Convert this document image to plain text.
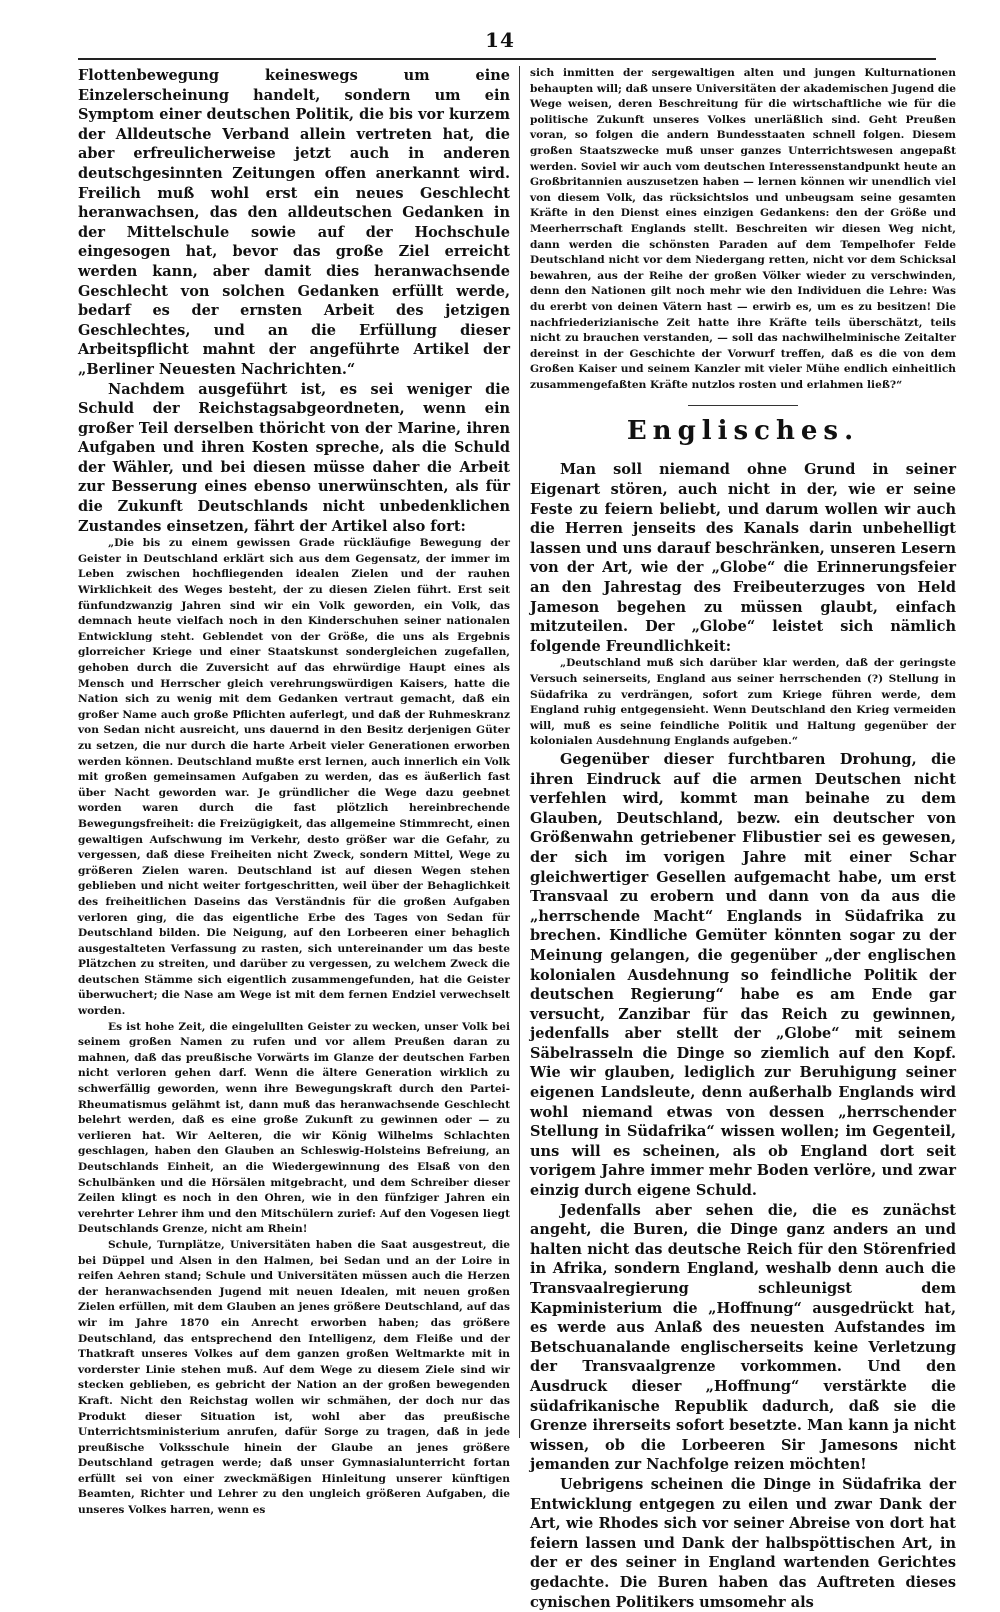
14

Flottenbewegung keineswegs um eine Einzelerscheinung handelt, sondern um ein Symptom einer deutschen Politik, die bis vor kurzem der Alldeutsche Verband allein vertreten hat, die aber erfreulicherweise jetzt auch in anderen deutschgesinnten Zeitungen offen anerkannt wird. Freilich muß wohl erst ein neues Geschlecht heranwachsen, das den alldeutschen Gedanken in der Mittelschule sowie auf der Hochschule eingesogen hat, bevor das große Ziel erreicht werden kann, aber damit dies heranwachsende Geschlecht von solchen Gedanken erfüllt werde, bedarf es der ernsten Arbeit des jetzigen Geschlechtes, und an die Erfüllung dieser Arbeitspflicht mahnt der angeführte Artikel der „Berliner Neuesten Nachrichten.“

Nachdem ausgeführt ist, es sei weniger die Schuld der Reichstagsabgeordneten, wenn ein großer Teil derselben thöricht von der Marine, ihren Aufgaben und ihren Kosten spreche, als die Schuld der Wähler, und bei diesen müsse daher die Arbeit zur Besserung eines ebenso unerwünschten, als für die Zukunft Deutschlands nicht unbedenklichen Zustandes einsetzen, fährt der Artikel also fort:

„Die bis zu einem gewissen Grade rückläufige Bewegung der Geister in Deutschland erklärt sich aus dem Gegensatz, der immer im Leben zwischen hochfliegenden idealen Zielen und der rauhen Wirklichkeit des Weges besteht, der zu diesen Zielen führt. Erst seit fünfundzwanzig Jahren sind wir ein Volk geworden, ein Volk, das demnach heute vielfach noch in den Kinderschuhen seiner nationalen Entwicklung steht. Geblendet von der Größe, die uns als Ergebnis glorreicher Kriege und einer Staatskunst sondergleichen zugefallen, gehoben durch die Zuversicht auf das ehrwürdige Haupt eines als Mensch und Herrscher gleich verehrungswürdigen Kaisers, hatte die Nation sich zu wenig mit dem Gedanken vertraut gemacht, daß ein großer Name auch große Pflichten auferlegt, und daß der Ruhmeskranz von Sedan nicht ausreicht, uns dauernd in den Besitz derjenigen Güter zu setzen, die nur durch die harte Arbeit vieler Generationen erworben werden können. Deutschland mußte erst lernen, auch innerlich ein Volk mit großen gemeinsamen Aufgaben zu werden, das es äußerlich fast über Nacht geworden war. Je gründlicher die Wege dazu geebnet worden waren durch die fast plötzlich hereinbrechende Bewegungsfreiheit: die Freizügigkeit, das allgemeine Stimmrecht, einen gewaltigen Aufschwung im Verkehr, desto größer war die Gefahr, zu vergessen, daß diese Freiheiten nicht Zweck, sondern Mittel, Wege zu größeren Zielen waren. Deutschland ist auf diesen Wegen stehen geblieben und nicht weiter fortgeschritten, weil über der Behaglichkeit des freiheitlichen Daseins das Verständnis für die großen Aufgaben verloren ging, die das eigentliche Erbe des Tages von Sedan für Deutschland bilden. Die Neigung, auf den Lorbeeren einer behaglich ausgestalteten Verfassung zu rasten, sich untereinander um das beste Plätzchen zu streiten, und darüber zu vergessen, zu welchem Zweck die deutschen Stämme sich eigentlich zusammengefunden, hat die Geister überwuchert; die Nase am Wege ist mit dem fernen Endziel verwechselt worden.

Es ist hohe Zeit, die eingelullten Geister zu wecken, unser Volk bei seinem großen Namen zu rufen und vor allem Preußen daran zu mahnen, daß das preußische Vorwärts im Glanze der deutschen Farben nicht verloren gehen darf. Wenn die ältere Generation wirklich zu schwerfällig geworden, wenn ihre Bewegungskraft durch den Partei-Rheumatismus gelähmt ist, dann muß das heranwachsende Geschlecht belehrt werden, daß es eine große Zukunft zu gewinnen oder — zu verlieren hat. Wir Aelteren, die wir König Wilhelms Schlachten geschlagen, haben den Glauben an Schleswig-Holsteins Befreiung, an Deutschlands Einheit, an die Wiedergewinnung des Elsaß von den Schulbänken und die Hörsälen mitgebracht, und dem Schreiber dieser Zeilen klingt es noch in den Ohren, wie in den fünfziger Jahren ein verehrter Lehrer ihm und den Mitschülern zurief: Auf den Vogesen liegt Deutschlands Grenze, nicht am Rhein!

Schule, Turnplätze, Universitäten haben die Saat ausgestreut, die bei Düppel und Alsen in den Halmen, bei Sedan und an der Loire in reifen Aehren stand; Schule und Universitäten müssen auch die Herzen der heranwachsenden Jugend mit neuen Idealen, mit neuen großen Zielen erfüllen, mit dem Glauben an jenes größere Deutschland, auf das wir im Jahre 1870 ein Anrecht erworben haben; das größere Deutschland, das entsprechend den Intelligenz, dem Fleiße und der Thatkraft unseres Volkes auf dem ganzen großen Weltmarkte mit in vorderster Linie stehen muß. Auf dem Wege zu diesem Ziele sind wir stecken geblieben, es gebricht der Nation an der großen bewegenden Kraft. Nicht den Reichstag wollen wir schmähen, der doch nur das Produkt dieser Situation ist, wohl aber das preußische Unterrichtsministerium anrufen, dafür Sorge zu tragen, daß in jede preußische Volksschule hinein der Glaube an jenes größere Deutschland getragen werde; daß unser Gymnasialunterricht fortan erfüllt sei von einer zweckmäßigen Hinleitung unserer künftigen Beamten, Richter und Lehrer zu den ungleich größeren Aufgaben, die unseres Volkes harren, wenn es

sich inmitten der sergewaltigen alten und jungen Kulturnationen behaupten will; daß unsere Universitäten der akademischen Jugend die Wege weisen, deren Beschreitung für die wirtschaftliche wie für die politische Zukunft unseres Volkes unerläßlich sind. Geht Preußen voran, so folgen die andern Bundesstaaten schnell folgen. Diesem großen Staatszwecke muß unser ganzes Unterrichtswesen angepaßt werden. Soviel wir auch vom deutschen Interessenstandpunkt heute an Großbritannien auszusetzen haben — lernen können wir unendlich viel von diesem Volk, das rücksichtslos und unbeugsam seine gesamten Kräfte in den Dienst eines einzigen Gedankens: den der Größe und Meerherrschaft Englands stellt. Beschreiten wir diesen Weg nicht, dann werden die schönsten Paraden auf dem Tempelhofer Felde Deutschland nicht vor dem Niedergang retten, nicht vor dem Schicksal bewahren, aus der Reihe der großen Völker wieder zu verschwinden, denn den Nationen gilt noch mehr wie den Individuen die Lehre: Was du ererbt von deinen Vätern hast — erwirb es, um es zu besitzen! Die nachfriederizianische Zeit hatte ihre Kräfte teils überschätzt, teils nicht zu brauchen verstanden, — soll das nachwilhelminische Zeitalter dereinst in der Geschichte der Vorwurf treffen, daß es die von dem Großen Kaiser und seinem Kanzler mit vieler Mühe endlich einheitlich zusammengefaßten Kräfte nutzlos rosten und erlahmen ließ?“

Englisches.

Man soll niemand ohne Grund in seiner Eigenart stören, auch nicht in der, wie er seine Feste zu feiern beliebt, und darum wollen wir auch die Herren jenseits des Kanals darin unbehelligt lassen und uns darauf beschränken, unseren Lesern von der Art, wie der „Globe“ die Erinnerungsfeier an den Jahrestag des Freibeuterzuges von Held Jameson begehen zu müssen glaubt, einfach mitzuteilen. Der „Globe“ leistet sich nämlich folgende Freundlichkeit:

„Deutschland muß sich darüber klar werden, daß der geringste Versuch seinerseits, England aus seiner herrschenden (?) Stellung in Südafrika zu verdrängen, sofort zum Kriege führen werde, dem England ruhig entgegensieht. Wenn Deutschland den Krieg vermeiden will, muß es seine feindliche Politik und Haltung gegenüber der kolonialen Ausdehnung Englands aufgeben.“

Gegenüber dieser furchtbaren Drohung, die ihren Eindruck auf die armen Deutschen nicht verfehlen wird, kommt man beinahe zu dem Glauben, Deutschland, bezw. ein deutscher von Größenwahn getriebener Flibustier sei es gewesen, der sich im vorigen Jahre mit einer Schar gleichwertiger Gesellen aufgemacht habe, um erst Transvaal zu erobern und dann von da aus die „herrschende Macht“ Englands in Südafrika zu brechen. Kindliche Gemüter könnten sogar zu der Meinung gelangen, die gegenüber „der englischen kolonialen Ausdehnung so feindliche Politik der deutschen Regierung“ habe es am Ende gar versucht, Zanzibar für das Reich zu gewinnen, jedenfalls aber stellt der „Globe“ mit seinem Säbelrasseln die Dinge so ziemlich auf den Kopf. Wie wir glauben, lediglich zur Beruhigung seiner eigenen Landsleute, denn außerhalb Englands wird wohl niemand etwas von dessen „herrschender Stellung in Südafrika“ wissen wollen; im Gegenteil, uns will es scheinen, als ob England dort seit vorigem Jahre immer mehr Boden verlöre, und zwar einzig durch eigene Schuld.

Jedenfalls aber sehen die, die es zunächst angeht, die Buren, die Dinge ganz anders an und halten nicht das deutsche Reich für den Störenfried in Afrika, sondern England, weshalb denn auch die Transvaalregierung schleunigst dem Kapministerium die „Hoffnung“ ausgedrückt hat, es werde aus Anlaß des neuesten Aufstandes im Betschuanalande englischerseits keine Verletzung der Transvaalgrenze vorkommen. Und den Ausdruck dieser „Hoffnung“ verstärkte die südafrikanische Republik dadurch, daß sie die Grenze ihrerseits sofort besetzte. Man kann ja nicht wissen, ob die Lorbeeren Sir Jamesons nicht jemanden zur Nachfolge reizen möchten!

Uebrigens scheinen die Dinge in Südafrika der Entwicklung entgegen zu eilen und zwar Dank der Art, wie Rhodes sich vor seiner Abreise von dort hat feiern lassen und Dank der halbspöttischen Art, in der er des seiner in England wartenden Gerichtes gedachte. Die Buren haben das Auftreten dieses cynischen Politikers umsomehr als
